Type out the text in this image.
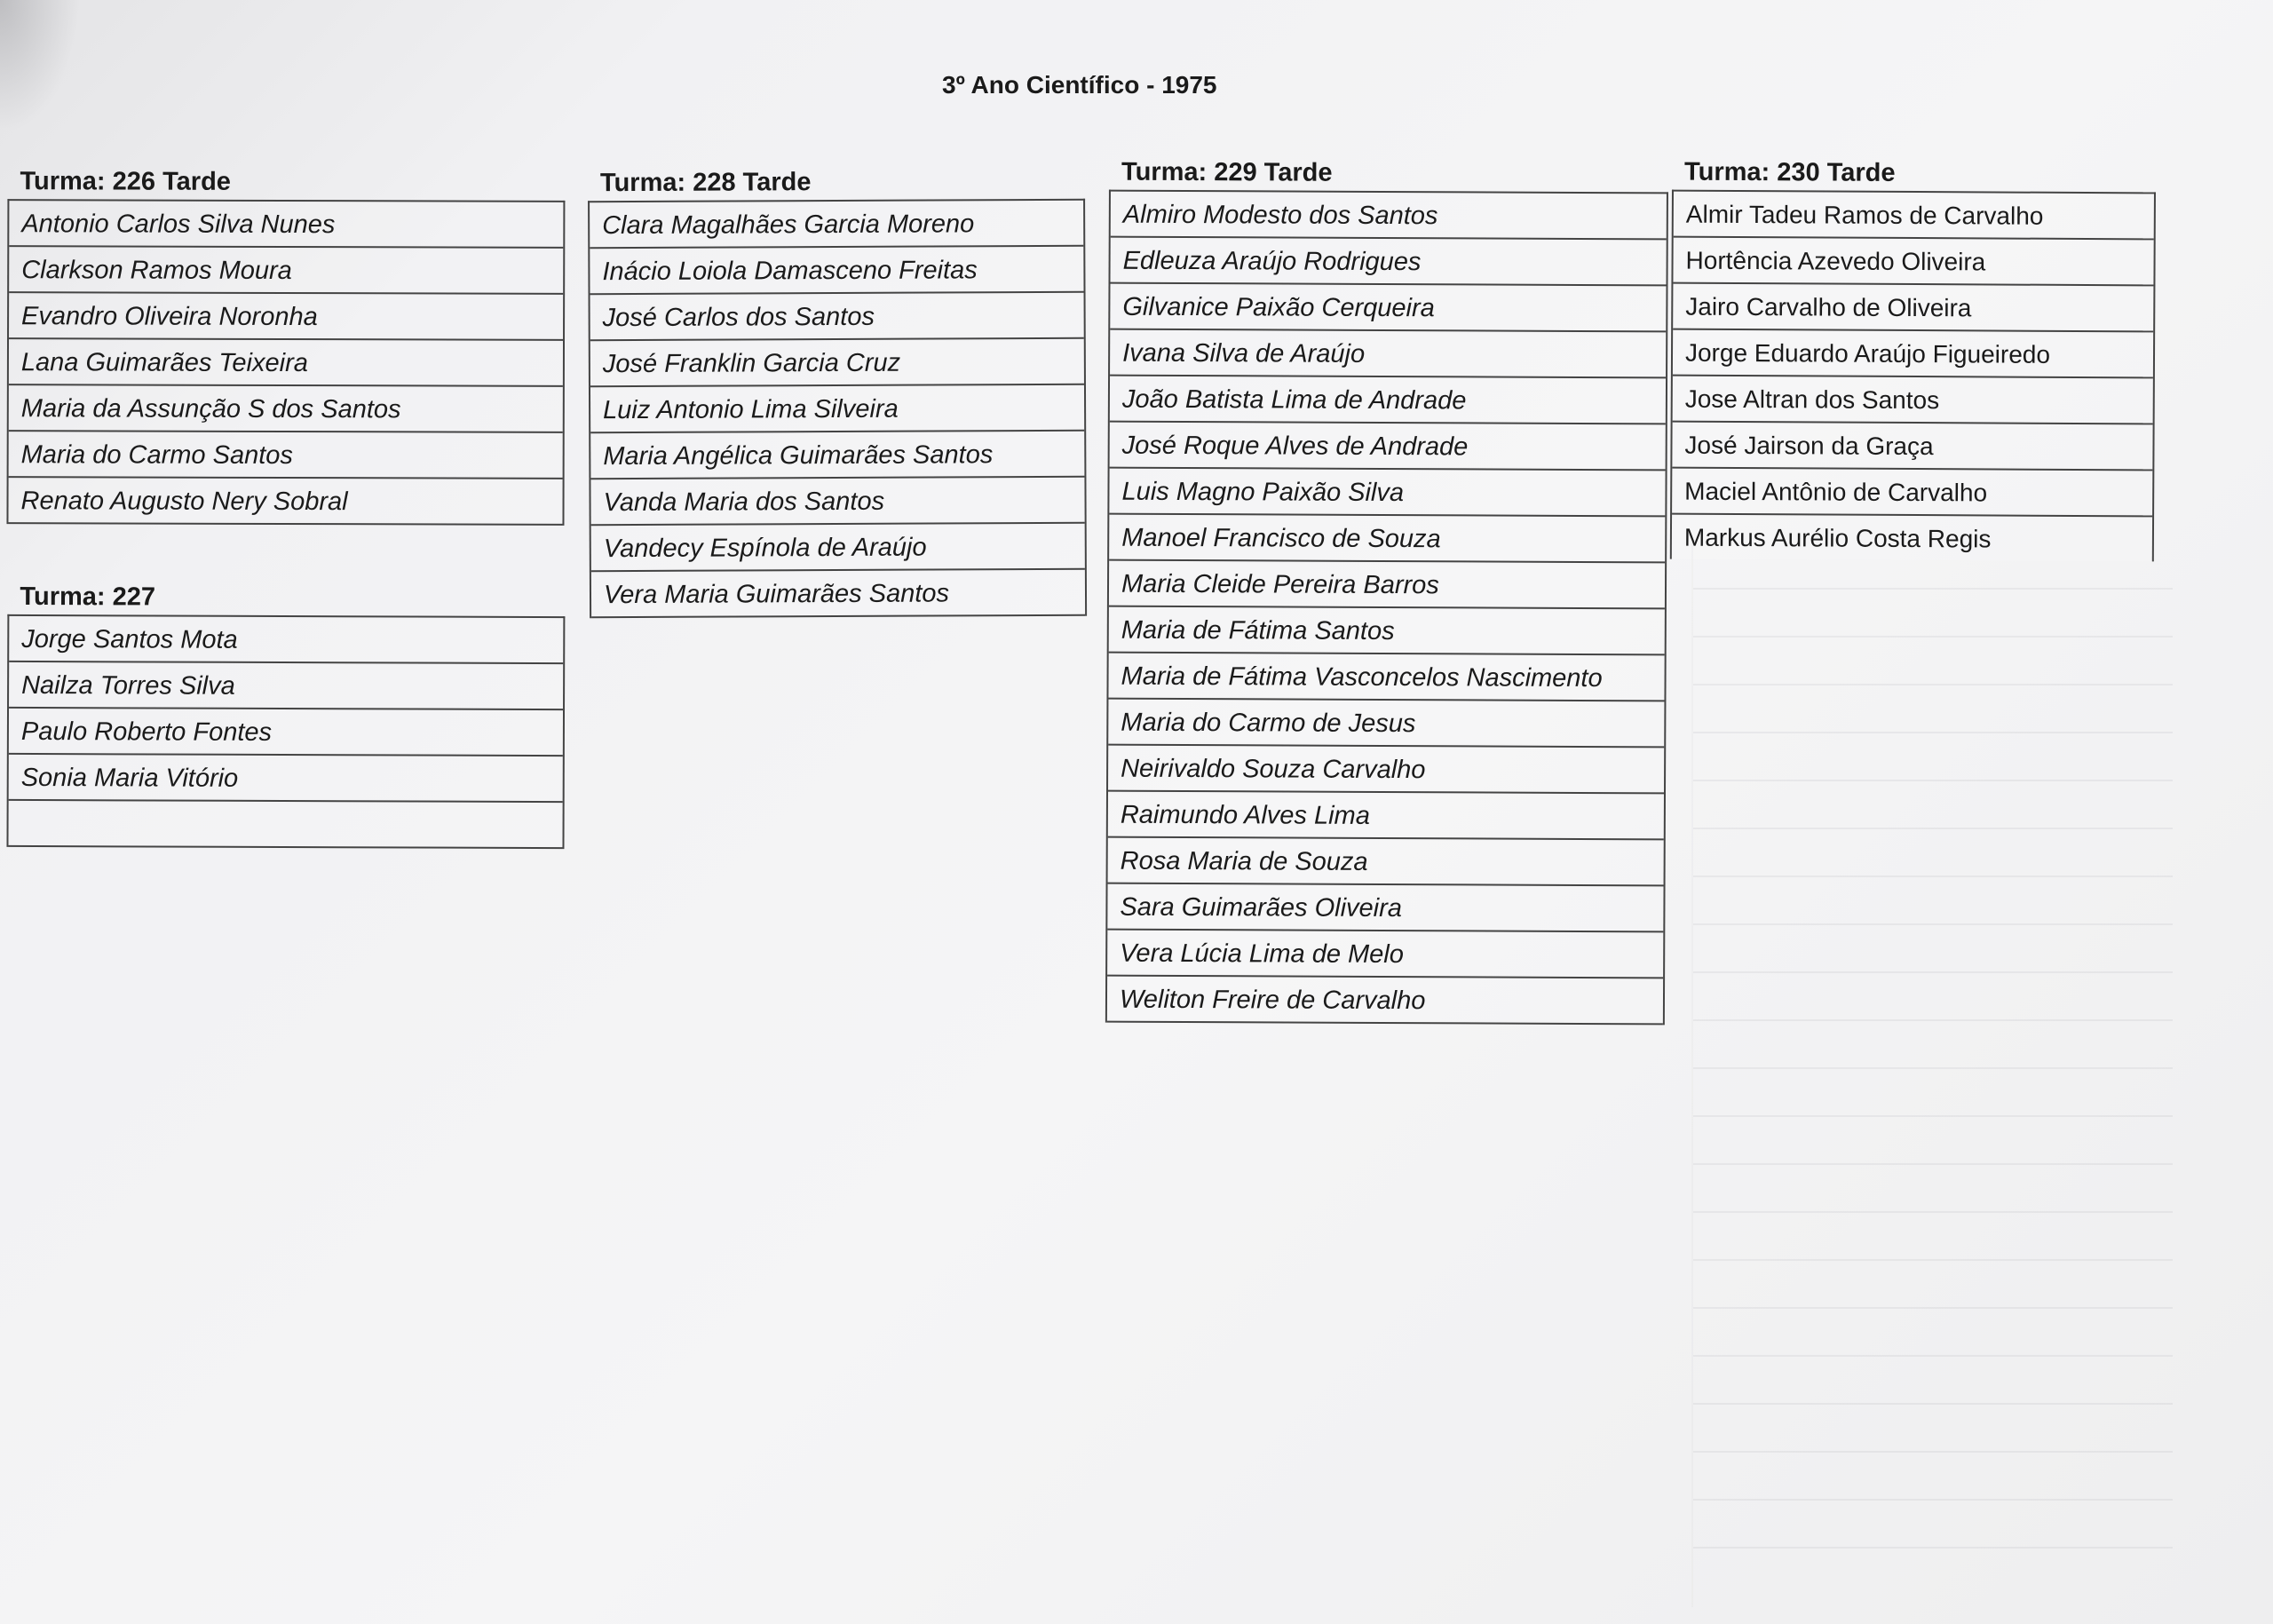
3º Ano Científico - 1975
Turma: 226 Tarde
Antonio Carlos Silva Nunes
Clarkson Ramos Moura
Evandro Oliveira Noronha
Lana Guimarães Teixeira
Maria da Assunção S dos Santos
Maria do Carmo Santos
Renato Augusto Nery Sobral
Turma: 227
Jorge Santos Mota
Nailza Torres Silva
Paulo Roberto Fontes
Sonia Maria Vitório
Turma: 228 Tarde
Clara Magalhães Garcia Moreno
Inácio Loiola Damasceno Freitas
José Carlos dos Santos
José Franklin Garcia Cruz
Luiz Antonio Lima Silveira
Maria Angélica Guimarães Santos
Vanda Maria dos Santos
Vandecy Espínola de Araújo
Vera Maria Guimarães Santos
Turma: 229 Tarde
Almiro Modesto dos Santos
Edleuza Araújo Rodrigues
Gilvanice Paixão Cerqueira
Ivana Silva de Araújo
João Batista Lima de Andrade
José Roque Alves de Andrade
Luis Magno Paixão Silva
Manoel Francisco de Souza
Maria Cleide Pereira Barros
Maria de Fátima Santos
Maria de Fátima Vasconcelos Nascimento
Maria do Carmo de Jesus
Neirivaldo Souza Carvalho
Raimundo Alves Lima
Rosa Maria de Souza
Sara Guimarães Oliveira
Vera Lúcia Lima de Melo
Weliton Freire de Carvalho
Turma: 230 Tarde
Almir Tadeu Ramos de Carvalho
Hortência Azevedo Oliveira
Jairo Carvalho de Oliveira
Jorge Eduardo Araújo Figueiredo
Jose Altran dos Santos
José Jairson da Graça
Maciel Antônio de Carvalho
Markus Aurélio Costa Regis
